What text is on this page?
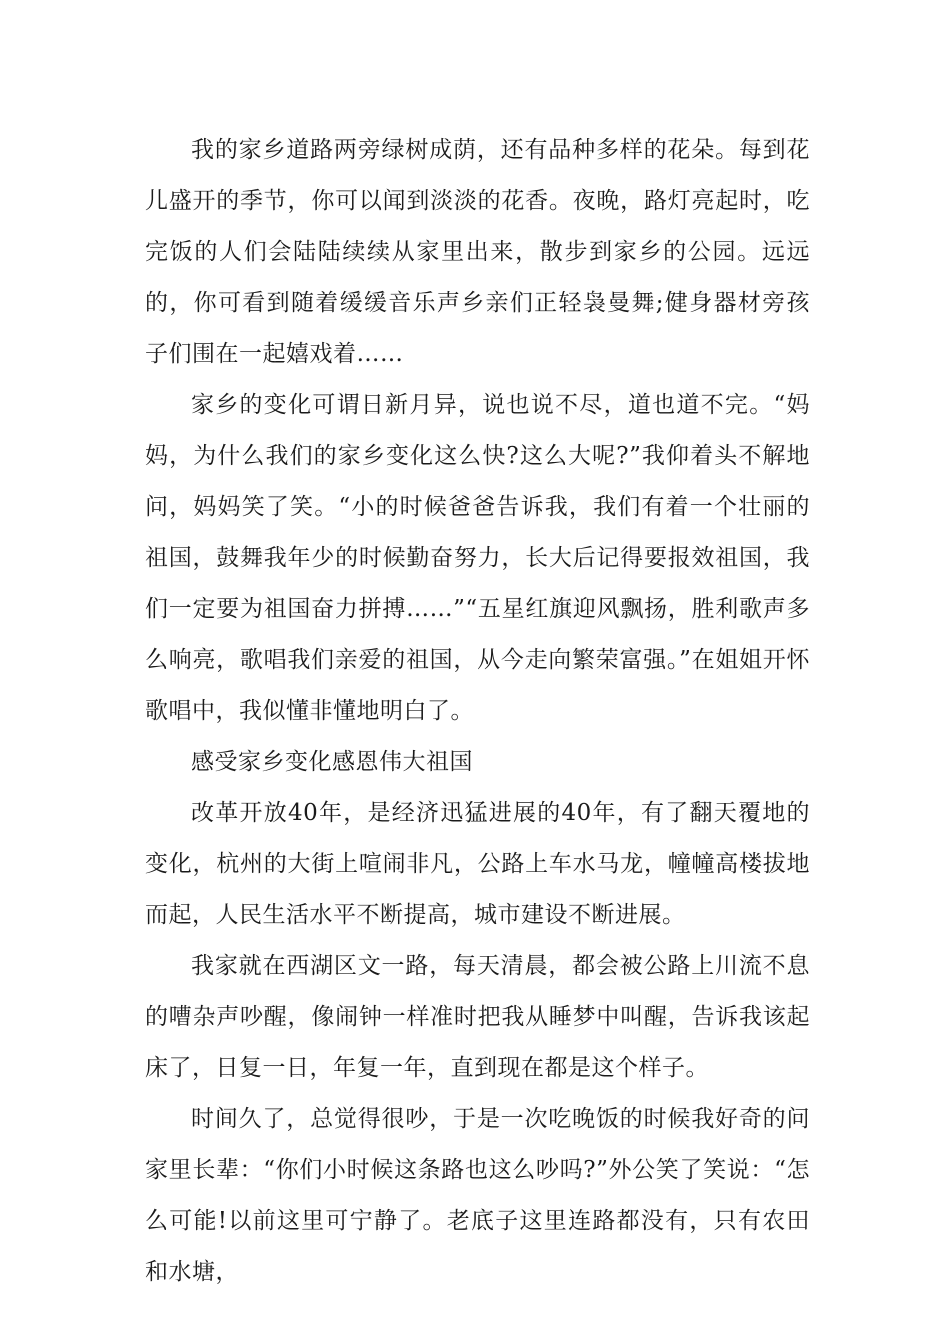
我的家乡道路两旁绿树成荫，还有品种多样的花朵。每到花儿盛开的季节，你可以闻到淡淡的花香。夜晚，路灯亮起时，吃完饭的人们会陆陆续续从家里出来，散步到家乡的公园。远远的，你可看到随着缓缓音乐声乡亲们正轻袅曼舞;健身器材旁孩子们围在一起嬉戏着……

家乡的变化可谓日新月异，说也说不尽，道也道不完。“妈妈，为什么我们的家乡变化这么快?这么大呢?”我仰着头不解地问，妈妈笑了笑。“小的时候爸爸告诉我，我们有着一个壮丽的祖国，鼓舞我年少的时候勤奋努力，长大后记得要报效祖国，我们一定要为祖国奋力拼搏……”“五星红旗迎风飘扬，胜利歌声多么响亮，歌唱我们亲爱的祖国，从今走向繁荣富强。”在姐姐开怀歌唱中，我似懂非懂地明白了。

感受家乡变化感恩伟大祖国

改革开放40年，是经济迅猛进展的40年，有了翻天覆地的变化，杭州的大街上喧闹非凡，公路上车水马龙，幢幢高楼拔地而起，人民生活水平不断提高，城市建设不断进展。

我家就在西湖区文一路，每天清晨，都会被公路上川流不息的嘈杂声吵醒，像闹钟一样准时把我从睡梦中叫醒，告诉我该起床了，日复一日，年复一年，直到现在都是这个样子。

时间久了，总觉得很吵，于是一次吃晚饭的时候我好奇的问家里长辈：“你们小时候这条路也这么吵吗?”外公笑了笑说：“怎么可能!以前这里可宁静了。老底子这里连路都没有，只有农田和水塘，
